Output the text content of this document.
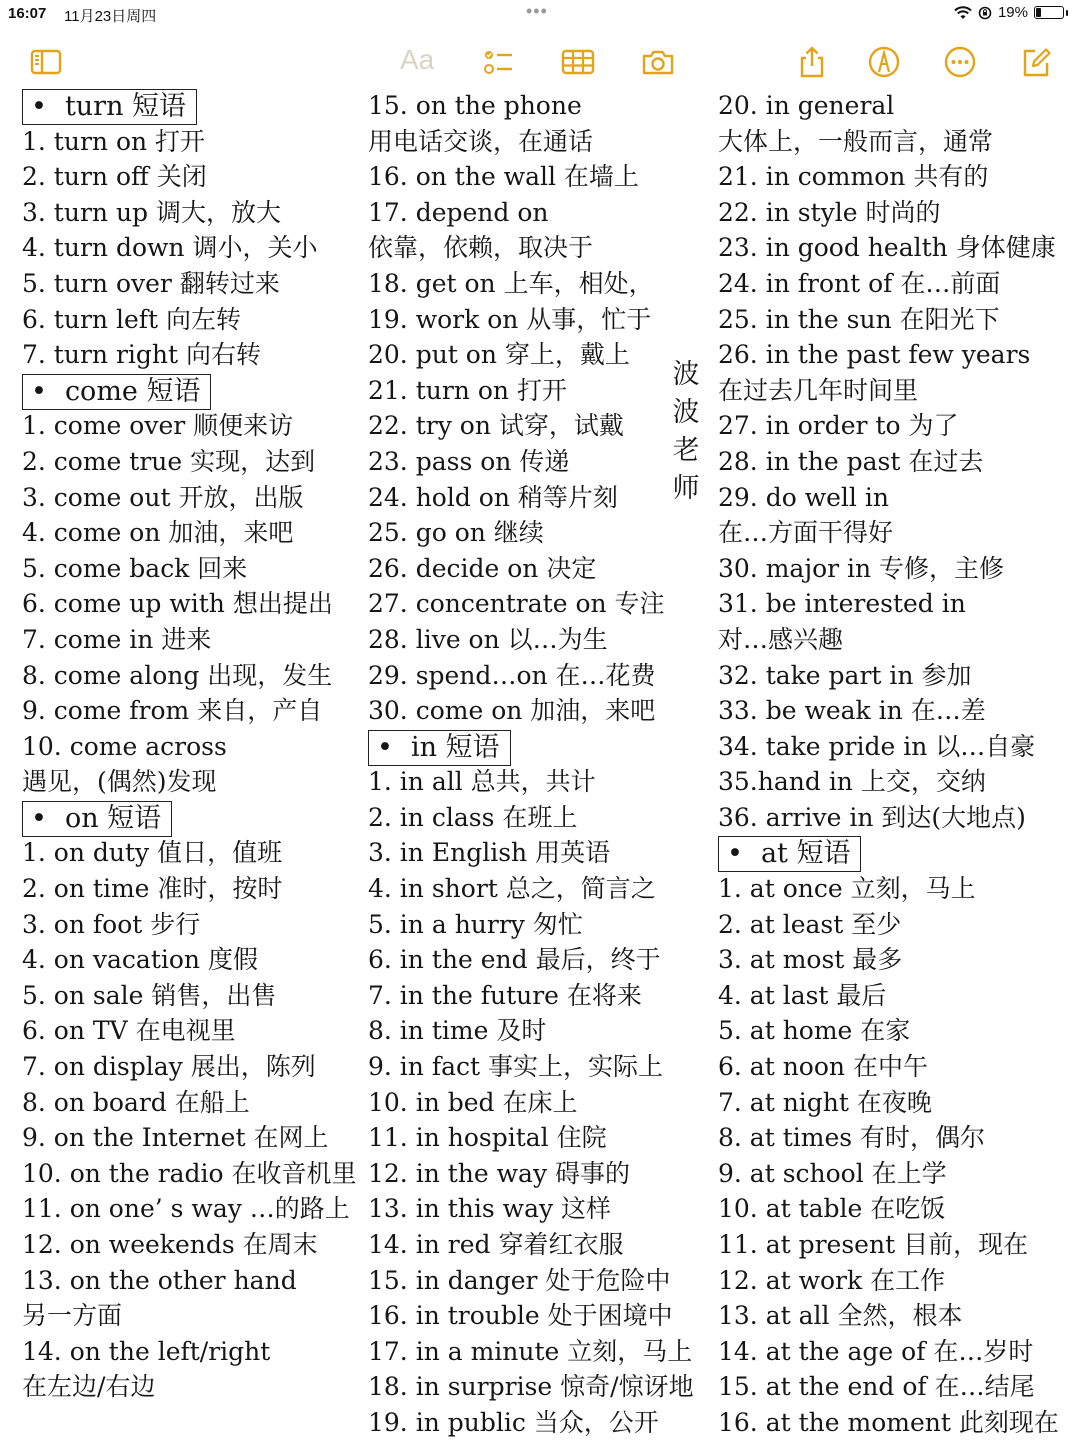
16:07 11月23日周四	•••	19%
Aa
• turn 短语
1. turn on 打开
2. turn off 关闭
3. turn up 调大，放大
4. turn down 调小，关小
5. turn over 翻转过来
6. turn left 向左转
7. turn right 向右转
• come 短语
1. come over 顺便来访
2. come true 实现，达到
3. come out 开放，出版
4. come on 加油，来吧
5. come back 回来
6. come up with 想出提出
7. come in 进来
8. come along 出现，发生
9. come from 来自，产自
10. come across
遇见，(偶然)发现
• on 短语
1. on duty 值日，值班
2. on time 准时，按时
3. on foot 步行
4. on vacation 度假
5. on sale 销售，出售
6. on TV 在电视里
7. on display 展出，陈列
8. on board 在船上
9. on the Internet 在网上
10. on the radio 在收音机里
11. on one’ s way …的路上
12. on weekends 在周末
13. on the other hand
另一方面
14. on the left/right
在左边/右边
15. on the phone
用电话交谈，在通话
16. on the wall 在墙上
17. depend on
依靠，依赖，取决于
18. get on 上车，相处，
19. work on 从事，忙于
20. put on 穿上，戴上
21. turn on 打开
22. try on 试穿，试戴
23. pass on 传递
24. hold on 稍等片刻
25. go on 继续
26. decide on 决定
27. concentrate on 专注
28. live on 以…为生
29. spend…on 在…花费
30. come on 加油，来吧
• in 短语
1. in all 总共，共计
2. in class 在班上
3. in English 用英语
4. in short 总之，简言之
5. in a hurry 匆忙
6. in the end 最后，终于
7. in the future 在将来
8. in time 及时
9. in fact 事实上，实际上
10. in bed 在床上
11. in hospital 住院
12. in the way 碍事的
13. in this way 这样
14. in red 穿着红衣服
15. in danger 处于危险中
16. in trouble 处于困境中
17. in a minute 立刻，马上
18. in surprise 惊奇/惊讶地
19. in public 当众，公开
20. in general
大体上，一般而言，通常
21. in common 共有的
22. in style 时尚的
23. in good health 身体健康
24. in front of 在…前面
25. in the sun 在阳光下
26. in the past few years
在过去几年时间里
27. in order to 为了
28. in the past 在过去
29. do well in
在…方面干得好
30. major in 专修，主修
31. be interested in
对…感兴趣
32. take part in 参加
33. be weak in 在…差
34. take pride in 以…自豪
35.hand in 上交，交纳
36. arrive in 到达(大地点)
• at 短语
1. at once 立刻，马上
2. at least 至少
3. at most 最多
4. at last 最后
5. at home 在家
6. at noon 在中午
7. at night 在夜晚
8. at times 有时，偶尔
9. at school 在上学
10. at table 在吃饭
11. at present 目前，现在
12. at work 在工作
13. at all 全然，根本
14. at the age of 在…岁时
15. at the end of 在…结尾
16. at the moment 此刻现在
波
波
老
师
